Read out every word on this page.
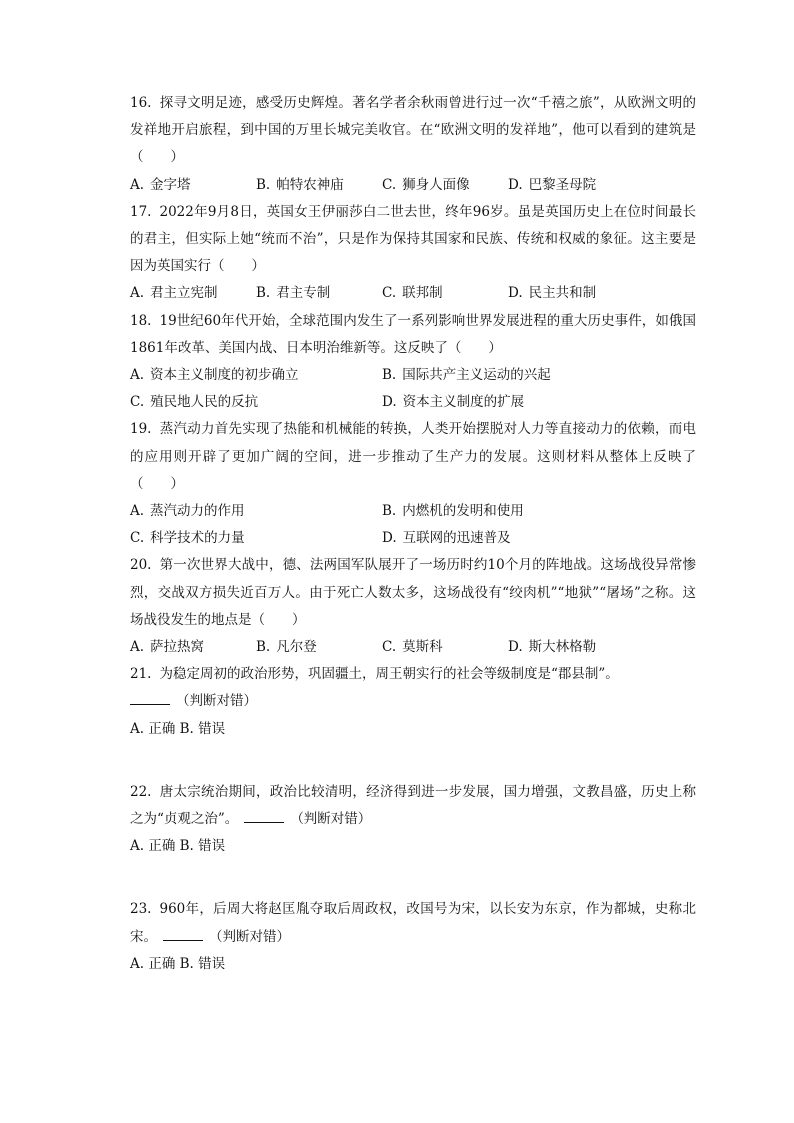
16. 探寻文明足迹，感受历史辉煌。著名学者余秋雨曾进行过一次“千禧之旅”，从欧洲文明的发祥地开启旅程，到中国的万里长城完美收官。在“欧洲文明的发祥地”，他可以看到的建筑是（　　）
A. 金字塔	B. 帕特农神庙	C. 狮身人面像	D. 巴黎圣母院
17. 2022年9月8日，英国女王伊丽莎白二世去世，终年96岁。虽是英国历史上在位时间最长的君主，但实际上她“统而不治”，只是作为保持其国家和民族、传统和权威的象征。这主要是因为英国实行（　　）
A. 君主立宪制	B. 君主专制	C. 联邦制	D. 民主共和制
18. 19世纪60年代开始，全球范围内发生了一系列影响世界发展进程的重大历史事件，如俄国1861年改革、美国内战、日本明治维新等。这反映了（　　）
A. 资本主义制度的初步确立	B. 国际共产主义运动的兴起
C. 殖民地人民的反抗	D. 资本主义制度的扩展
19. 蒸汽动力首先实现了热能和机械能的转换，人类开始摆脱对人力等直接动力的依赖，而电的应用则开辟了更加广阔的空间，进一步推动了生产力的发展。这则材料从整体上反映了（　　）
A. 蒸汽动力的作用	B. 内燃机的发明和使用
C. 科学技术的力量	D. 互联网的迅速普及
20. 第一次世界大战中，德、法两国军队展开了一场历时约10个月的阵地战。这场战役异常惨烈，交战双方损失近百万人。由于死亡人数太多，这场战役有“绞肉机”“地狱”“屠场”之称。这场战役发生的地点是（　　）
A. 萨拉热窝	B. 凡尔登	C. 莫斯科	D. 斯大林格勒
21. 为稳定周初的政治形势，巩固疆土，周王朝实行的社会等级制度是“郡县制”。
（判断对错）
A. 正确 B. 错误
22. 唐太宗统治期间，政治比较清明，经济得到进一步发展，国力增强，文教昌盛，历史上称之为“贞观之治”。	（判断对错）
A. 正确 B. 错误
23. 960年，后周大将赵匡胤夺取后周政权，改国号为宋，以长安为东京，作为都城，史称北宋。	（判断对错）
A. 正确 B. 错误
